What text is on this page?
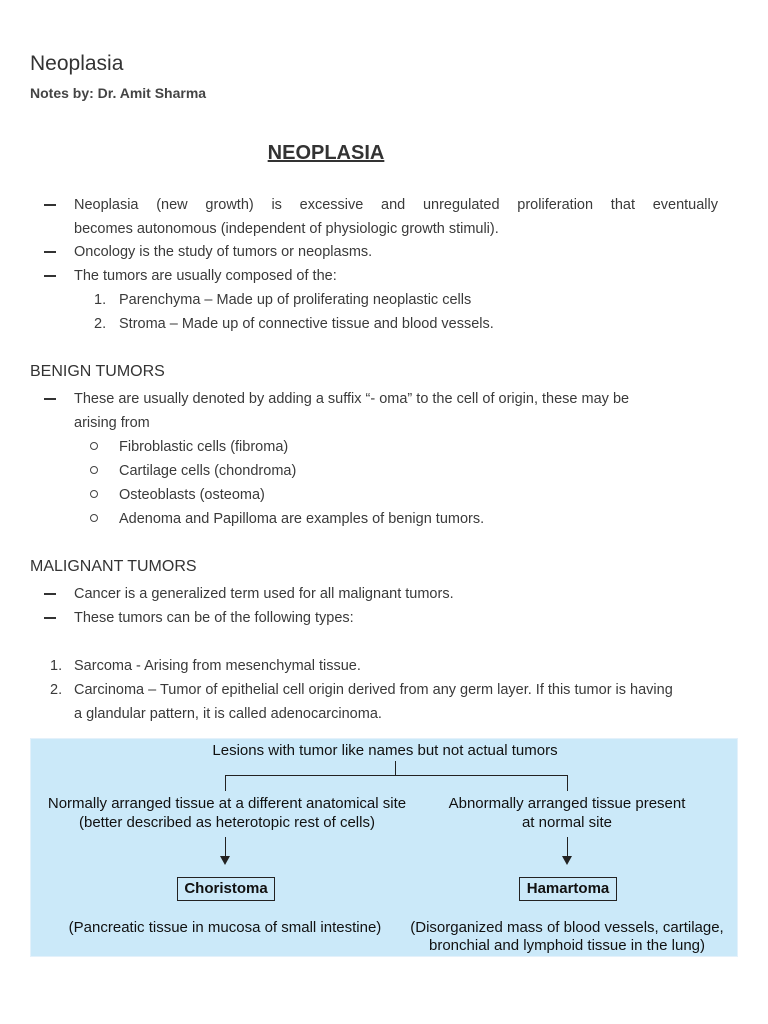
Neoplasia
Notes by: Dr. Amit Sharma
NEOPLASIA
Neoplasia (new growth) is excessive and unregulated proliferation that eventually
becomes autonomous (independent of physiologic growth stimuli).
Oncology is the study of tumors or neoplasms.
The tumors are usually composed of the:
1. Parenchyma – Made up of proliferating neoplastic cells
2. Stroma – Made up of connective tissue and blood vessels.
BENIGN TUMORS
These are usually denoted by adding a suffix “- oma” to the cell of origin, these may be
arising from
Fibroblastic cells (fibroma)
Cartilage cells (chondroma)
Osteoblasts (osteoma)
Adenoma and Papilloma are examples of benign tumors.
MALIGNANT TUMORS
Cancer is a generalized term used for all malignant tumors.
These tumors can be of the following types:
1. Sarcoma - Arising from mesenchymal tissue.
2. Carcinoma – Tumor of epithelial cell origin derived from any germ layer. If this tumor is having
a glandular pattern, it is called adenocarcinoma.
Lesions with tumor like names but not actual tumors
Normally arranged tissue at a different anatomical site
(better described as heterotopic rest of cells)
Abnormally arranged tissue present
at normal site
Choristoma	Hamartoma
(Pancreatic tissue in mucosa of small intestine)	(Disorganized mass of blood vessels, cartilage,
bronchial and lymphoid tissue in the lung)
